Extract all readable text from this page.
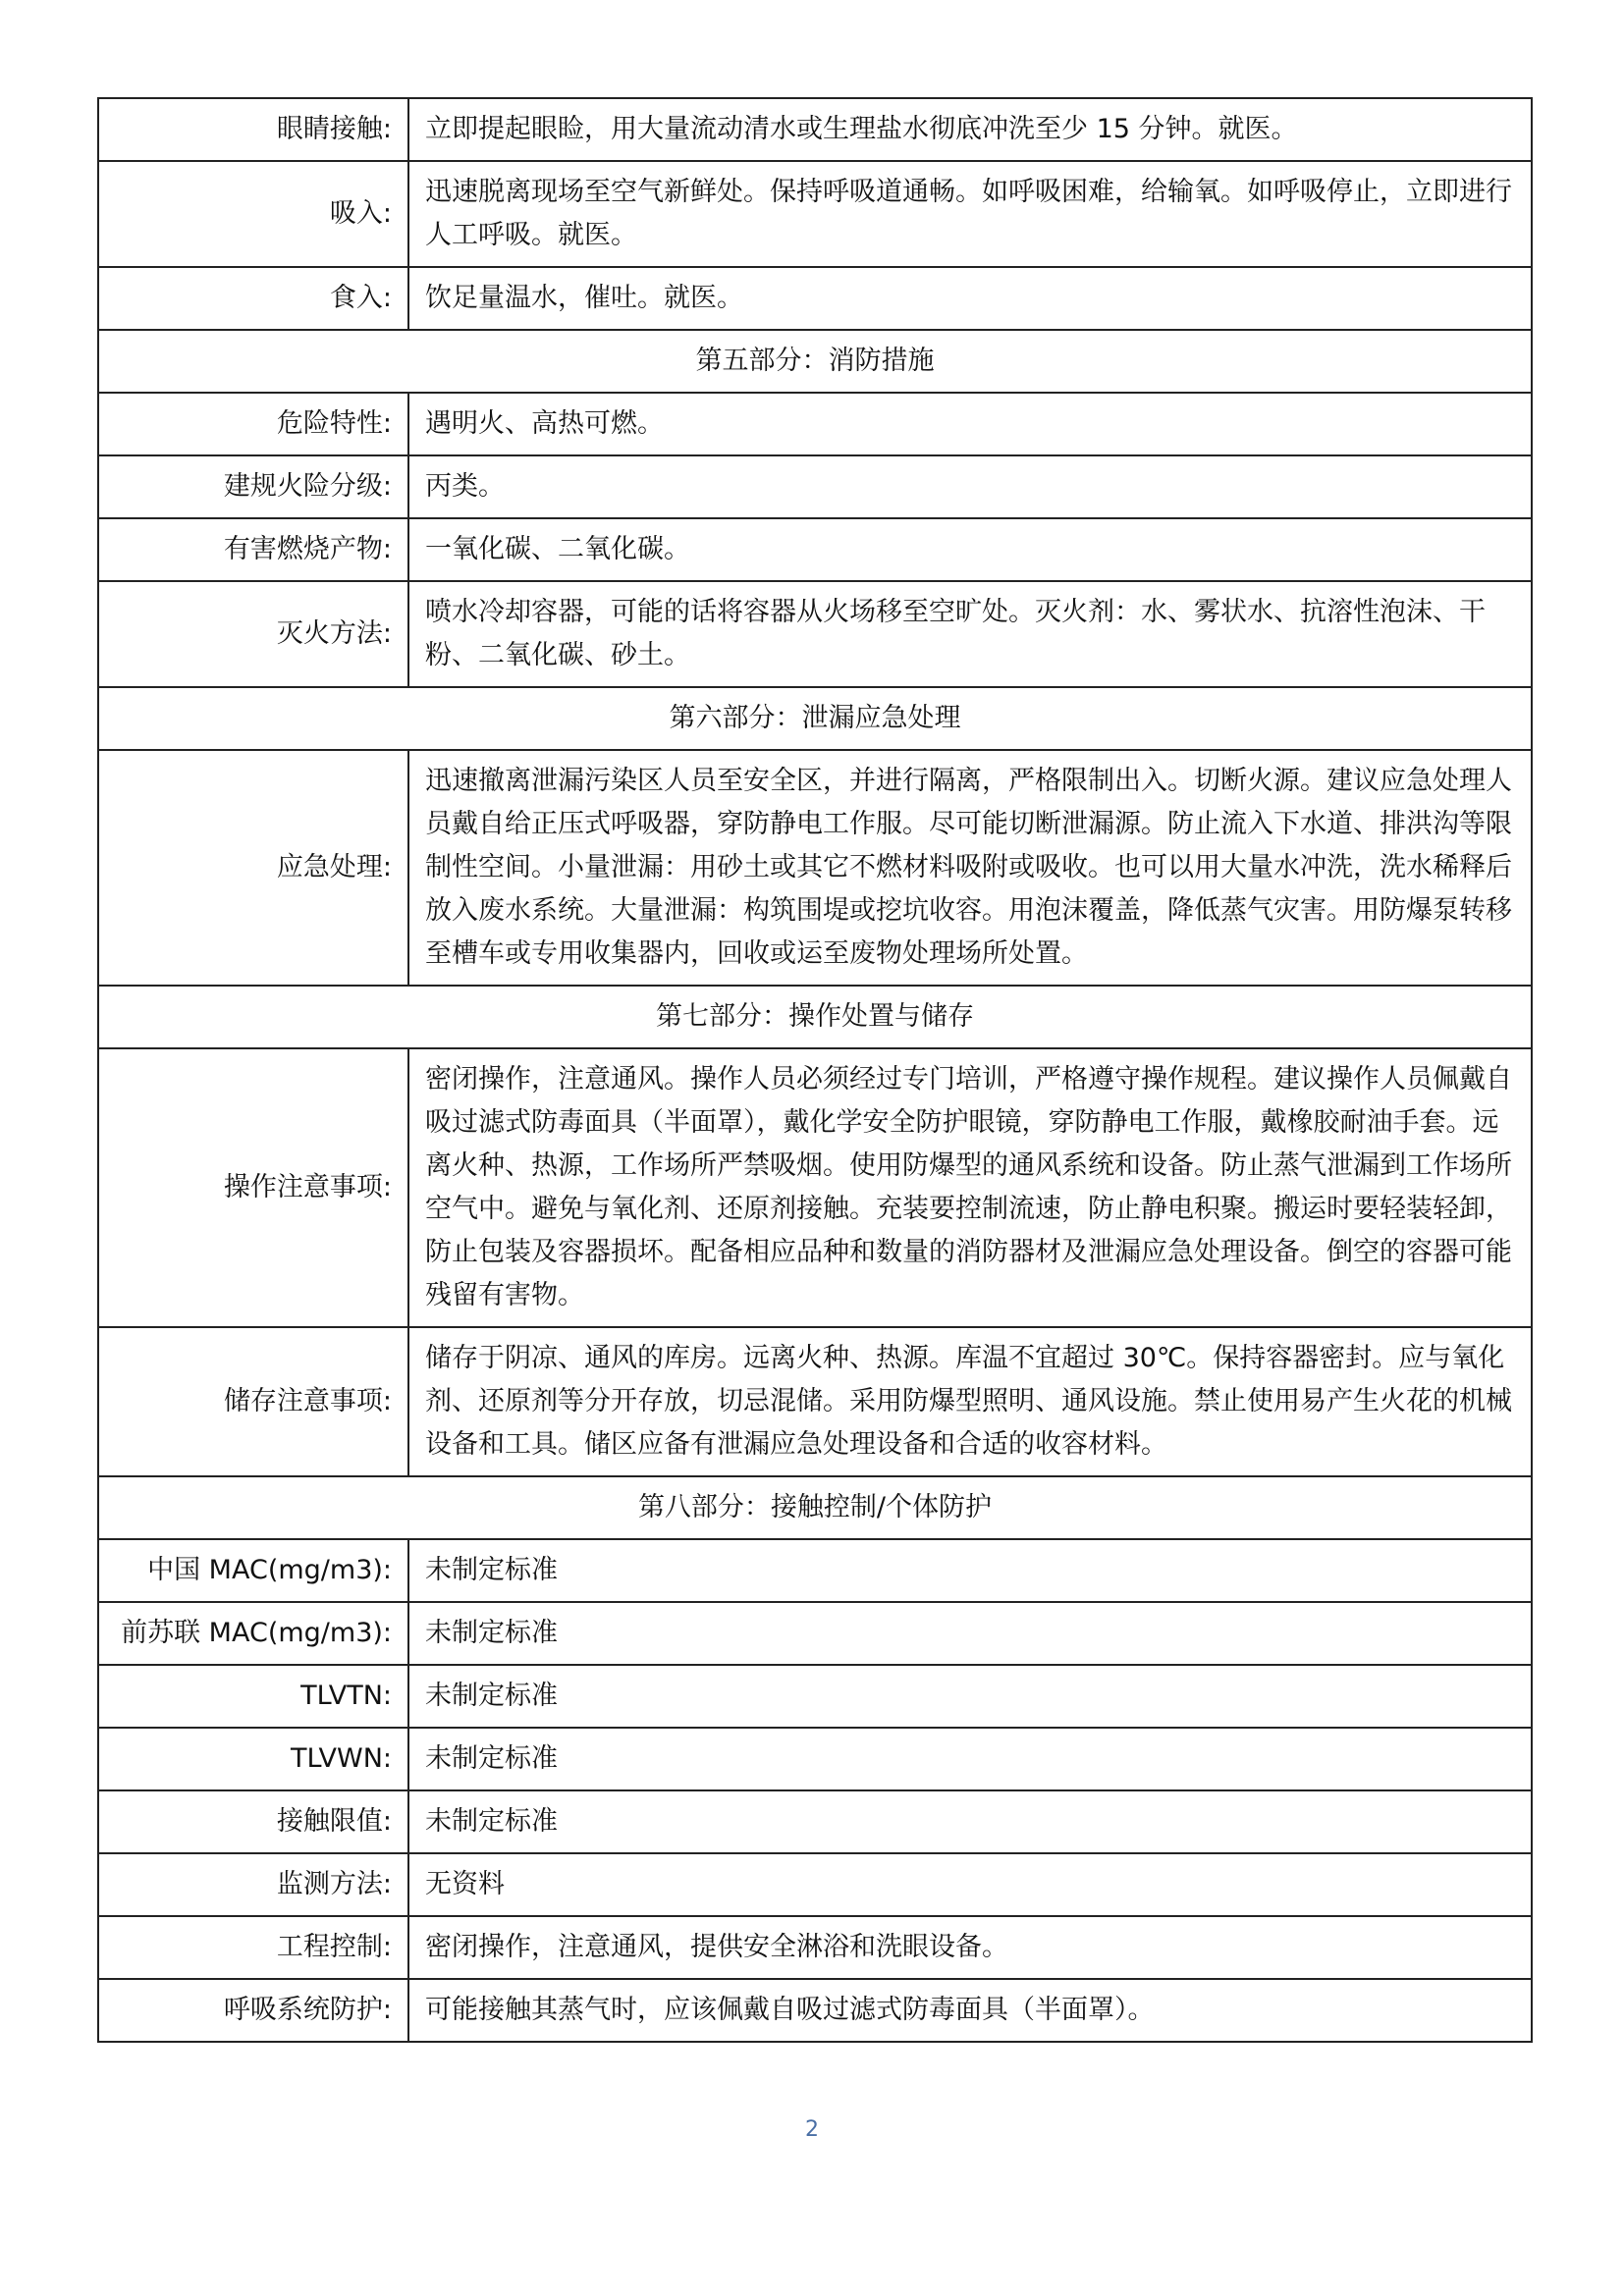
眼睛接触:	立即提起眼睑，用大量流动清水或生理盐水彻底冲洗至少 15 分钟。就医。
吸入:	迅速脱离现场至空气新鲜处。保持呼吸道通畅。如呼吸困难，给输氧。如呼吸停止，立即进行人工呼吸。就医。
食入:	饮足量温水，催吐。就医。
第五部分：消防措施	
危险特性:	遇明火、高热可燃。
建规火险分级:	丙类。
有害燃烧产物:	一氧化碳、二氧化碳。
灭火方法:	喷水冷却容器，可能的话将容器从火场移至空旷处。灭火剂：水、雾状水、抗溶性泡沫、干粉、二氧化碳、砂土。
第六部分：泄漏应急处理	
应急处理:	迅速撤离泄漏污染区人员至安全区，并进行隔离，严格限制出入。切断火源。建议应急处理人员戴自给正压式呼吸器，穿防静电工作服。尽可能切断泄漏源。防止流入下水道、排洪沟等限制性空间。小量泄漏：用砂土或其它不燃材料吸附或吸收。也可以用大量水冲洗，洗水稀释后放入废水系统。大量泄漏：构筑围堤或挖坑收容。用泡沫覆盖，降低蒸气灾害。用防爆泵转移至槽车或专用收集器内，回收或运至废物处理场所处置。
第七部分：操作处置与储存	
操作注意事项:	密闭操作，注意通风。操作人员必须经过专门培训，严格遵守操作规程。建议操作人员佩戴自吸过滤式防毒面具（半面罩），戴化学安全防护眼镜，穿防静电工作服，戴橡胶耐油手套。远离火种、热源，工作场所严禁吸烟。使用防爆型的通风系统和设备。防止蒸气泄漏到工作场所空气中。避免与氧化剂、还原剂接触。充装要控制流速，防止静电积聚。搬运时要轻装轻卸，防止包装及容器损坏。配备相应品种和数量的消防器材及泄漏应急处理设备。倒空的容器可能残留有害物。
储存注意事项:	储存于阴凉、通风的库房。远离火种、热源。库温不宜超过 30℃。保持容器密封。应与氧化剂、还原剂等分开存放，切忌混储。采用防爆型照明、通风设施。禁止使用易产生火花的机械设备和工具。储区应备有泄漏应急处理设备和合适的收容材料。
第八部分：接触控制/个体防护	
中国 MAC(mg/m3):	未制定标准
前苏联 MAC(mg/m3):	未制定标准
TLVTN:	未制定标准
TLVWN:	未制定标准
接触限值:	未制定标准
监测方法:	无资料
工程控制:	密闭操作，注意通风，提供安全淋浴和洗眼设备。
呼吸系统防护:	可能接触其蒸气时，应该佩戴自吸过滤式防毒面具（半面罩）。
2
